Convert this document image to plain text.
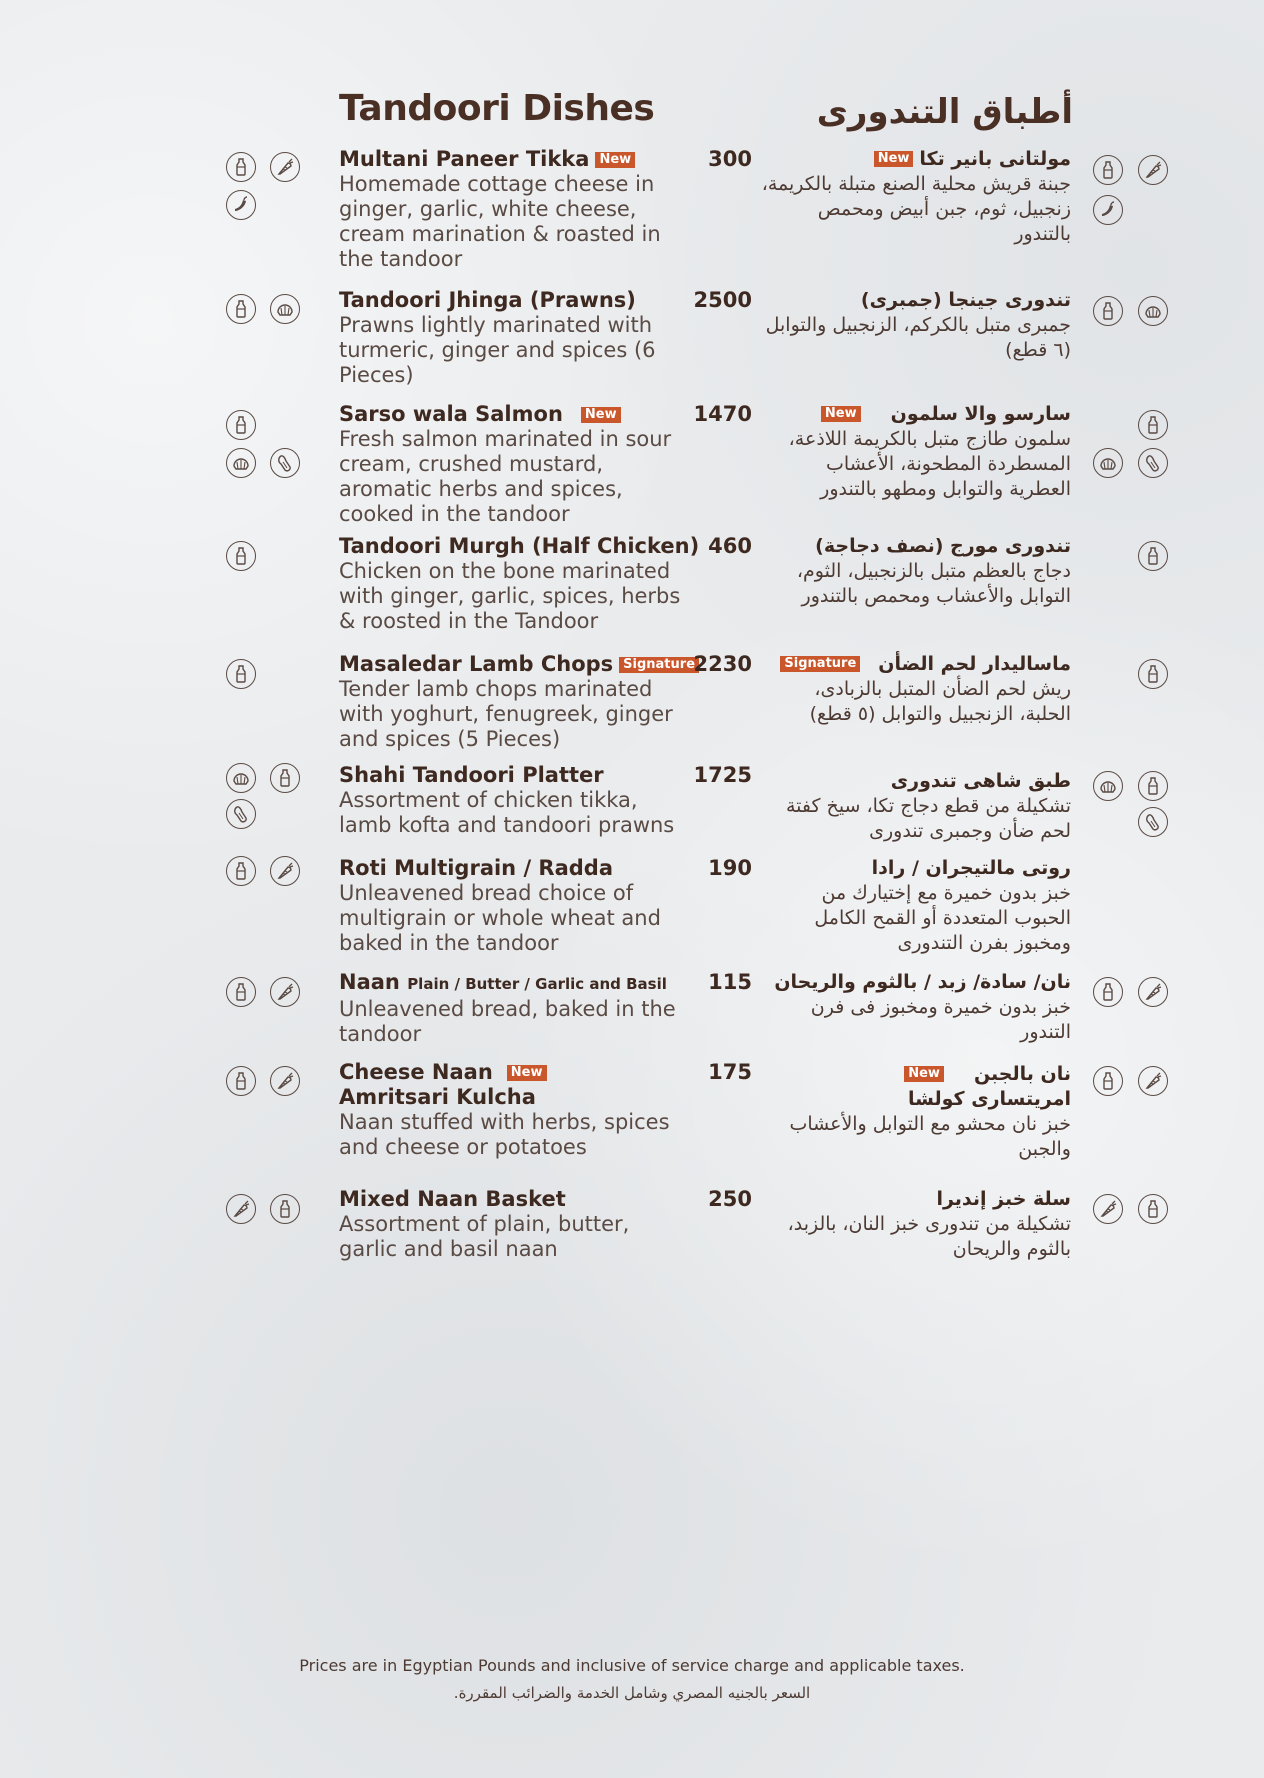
Tandoori Dishes	أطباق التندورى
Multani Paneer Tikka New
Homemade cottage cheese in ginger, garlic, white cheese, cream marination & roasted in the tandoor
300	مولتانى بانير تكاNew
جبنة قريش محلية الصنع متبلة بالكريمة، زنجبيل، ثوم، جبن أبيض ومحمص بالتندور
Tandoori Jhinga (Prawns)
Prawns lightly marinated with turmeric, ginger and spices (6 Pieces)
2500	تندورى جينجا (جمبرى)
جمبرى متبل بالكركم، الزنجبيل والتوابل (٦ قطع)
Sarso wala Salmon New
Fresh salmon marinated in sour cream, crushed mustard, aromatic herbs and spices, cooked in the tandoor
1470	سارسو والا سلمونNew
سلمون طازج متبل بالكريمة اللاذعة، المسطردة المطحونة، الأعشاب العطرية والتوابل ومطهو بالتندور
Tandoori Murgh (Half Chicken)
Chicken on the bone marinated with ginger, garlic, spices, herbs & roosted in the Tandoor
460	تندورى مورج (نصف دجاجة)
دجاج بالعظم متبل بالزنجبيل، الثوم، التوابل والأعشاب ومحمص بالتندور
Masaledar Lamb Chops Signature
Tender lamb chops marinated with yoghurt, fenugreek, ginger and spices (5 Pieces)
2230	ماساليدار لحم الضأنSignature
ريش لحم الضأن المتبل بالزبادى، الحلبة، الزنجبيل والتوابل (٥ قطع)
Shahi Tandoori Platter
Assortment of chicken tikka, lamb kofta and tandoori prawns
1725	طبق شاهى تندورى
تشكيلة من قطع دجاج تكا، سيخ كفتة لحم ضأن وجمبرى تندورى
Roti Multigrain / Radda
Unleavened bread choice of multigrain or whole wheat and baked in the tandoor
190	روتى مالتيجران / رادا
خبز بدون خميرة مع إختيارك من الحبوب المتعددة أو القمح الكامل ومخبوز بفرن التندورى
Naan Plain / Butter / Garlic and Basil
Unleavened bread, baked in the tandoor
115	نان/ سادة/ زبد / بالثوم والريحان
خبز بدون خميرة ومخبوز فى فرن التندور
Cheese Naan New
Amritsari Kulcha
Naan stuffed with herbs, spices and cheese or potatoes
175	نان بالجبنNew
امريتسارى كولشا
خبز نان محشو مع التوابل والأعشاب والجبن
Mixed Naan Basket
Assortment of plain, butter, garlic and basil naan
250	سلة خبز إنديرا
تشكيلة من تندورى خبز النان، بالزبد، بالثوم والريحان
Prices are in Egyptian Pounds and inclusive of service charge and applicable taxes.
السعر بالجنيه المصري وشامل الخدمة والضرائب المقررة.
